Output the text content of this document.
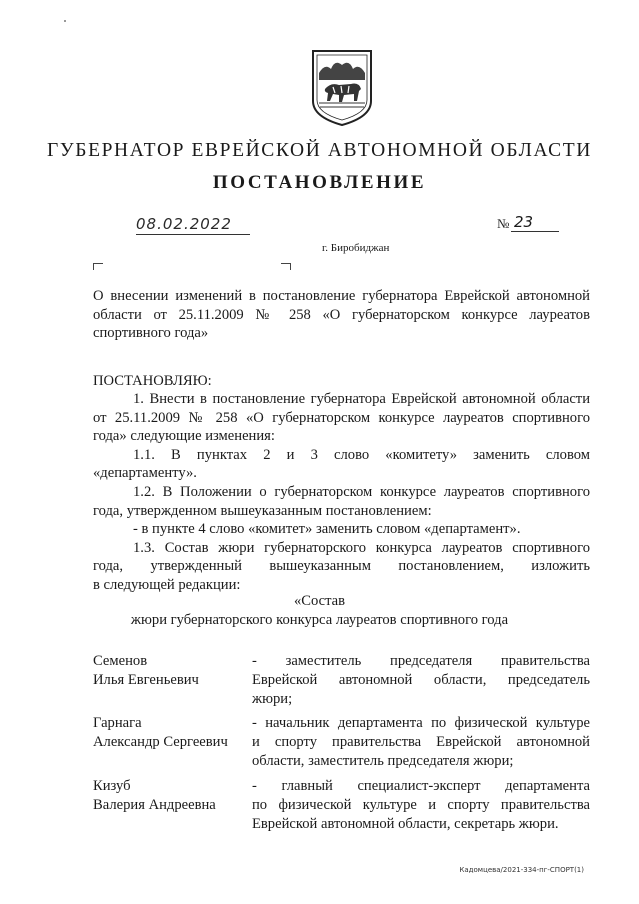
ГУБЕРНАТОР ЕВРЕЙСКОЙ АВТОНОМНОЙ ОБЛАСТИ
ПОСТАНОВЛЕНИЕ
08.02.2022	№ 23
г. Биробиджан
О внесении изменений в постановление губернатора Еврейской автономной
области от 25.11.2009 № 258 «О губернаторском конкурсе лауреатов
спортивного года»
ПОСТАНОВЛЯЮ:

1. Внести в постановление губернатора Еврейской автономной области

от 25.11.2009 № 258 «О губернаторском конкурсе лауреатов спортивного

года» следующие изменения:

1.1. В пунктах 2 и 3 слово «комитету» заменить словом

«департаменту».

1.2. В Положении о губернаторском конкурсе лауреатов спортивного

года, утвержденном вышеуказанным постановлением:

- в пункте 4 слово «комитет» заменить словом «департамент».

1.3. Состав жюри губернаторского конкурса лауреатов спортивного

года, утвержденный вышеуказанным постановлением, изложить

в следующей редакции:

«Состав
жюри губернаторского конкурса лауреатов спортивного года
Семенов
Илья Евгеньевич
- заместитель председателя правительства
Еврейской автономной области, председатель
жюри;
Гарнага
Александр Сергеевич
- начальник департамента по физической культуре
и спорту правительства Еврейской автономной
области, заместитель председателя жюри;
Кизуб
Валерия Андреевна
- главный специалист-эксперт департамента
по физической культуре и спорту правительства
Еврейской автономной области, секретарь жюри.
Кадомцева/2021-334-пг-СПОРТ(1)
